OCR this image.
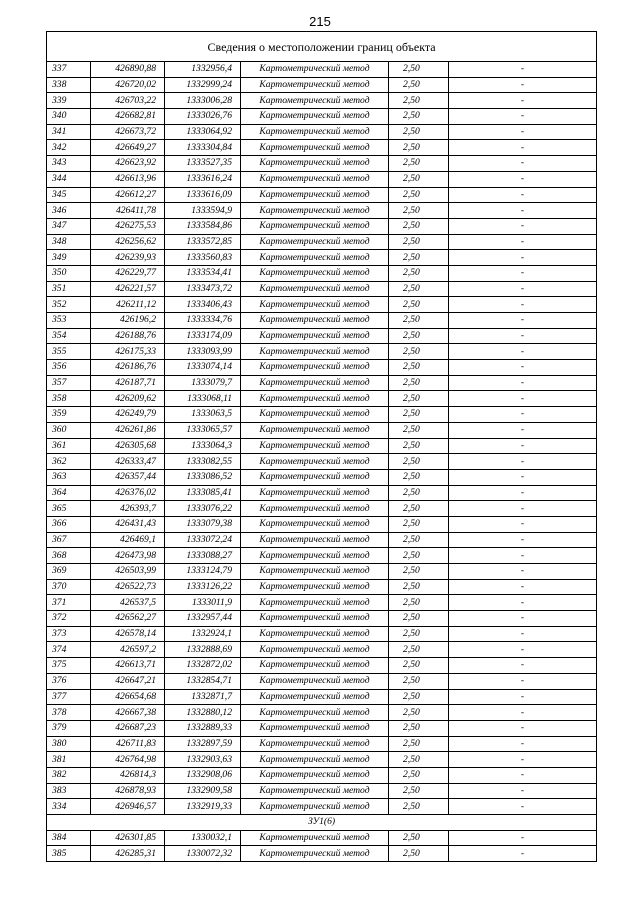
215
Сведения о местоположении границ объекта					
337	426890,88	1332956,4	Картометрический метод	2,50	-
338	426720,02	1332999,24	Картометрический метод	2,50	-
339	426703,22	1333006,28	Картометрический метод	2,50	-
340	426682,81	1333026,76	Картометрический метод	2,50	-
341	426673,72	1333064,92	Картометрический метод	2,50	-
342	426649,27	1333304,84	Картометрический метод	2,50	-
343	426623,92	1333527,35	Картометрический метод	2,50	-
344	426613,96	1333616,24	Картометрический метод	2,50	-
345	426612,27	1333616,09	Картометрический метод	2,50	-
346	426411,78	1333594,9	Картометрический метод	2,50	-
347	426275,53	1333584,86	Картометрический метод	2,50	-
348	426256,62	1333572,85	Картометрический метод	2,50	-
349	426239,93	1333560,83	Картометрический метод	2,50	-
350	426229,77	1333534,41	Картометрический метод	2,50	-
351	426221,57	1333473,72	Картометрический метод	2,50	-
352	426211,12	1333406,43	Картометрический метод	2,50	-
353	426196,2	1333334,76	Картометрический метод	2,50	-
354	426188,76	1333174,09	Картометрический метод	2,50	-
355	426175,33	1333093,99	Картометрический метод	2,50	-
356	426186,76	1333074,14	Картометрический метод	2,50	-
357	426187,71	1333079,7	Картометрический метод	2,50	-
358	426209,62	1333068,11	Картометрический метод	2,50	-
359	426249,79	1333063,5	Картометрический метод	2,50	-
360	426261,86	1333065,57	Картометрический метод	2,50	-
361	426305,68	1333064,3	Картометрический метод	2,50	-
362	426333,47	1333082,55	Картометрический метод	2,50	-
363	426357,44	1333086,52	Картометрический метод	2,50	-
364	426376,02	1333085,41	Картометрический метод	2,50	-
365	426393,7	1333076,22	Картометрический метод	2,50	-
366	426431,43	1333079,38	Картометрический метод	2,50	-
367	426469,1	1333072,24	Картометрический метод	2,50	-
368	426473,98	1333088,27	Картометрический метод	2,50	-
369	426503,99	1333124,79	Картометрический метод	2,50	-
370	426522,73	1333126,22	Картометрический метод	2,50	-
371	426537,5	1333011,9	Картометрический метод	2,50	-
372	426562,27	1332957,44	Картометрический метод	2,50	-
373	426578,14	1332924,1	Картометрический метод	2,50	-
374	426597,2	1332888,69	Картометрический метод	2,50	-
375	426613,71	1332872,02	Картометрический метод	2,50	-
376	426647,21	1332854,71	Картометрический метод	2,50	-
377	426654,68	1332871,7	Картометрический метод	2,50	-
378	426667,38	1332880,12	Картометрический метод	2,50	-
379	426687,23	1332889,33	Картометрический метод	2,50	-
380	426711,83	1332897,59	Картометрический метод	2,50	-
381	426764,98	1332903,63	Картометрический метод	2,50	-
382	426814,3	1332908,06	Картометрический метод	2,50	-
383	426878,93	1332909,58	Картометрический метод	2,50	-
334	426946,57	1332919,33	Картометрический метод	2,50	-
ЗУ1(6)					
384	426301,85	1330032,1	Картометрический метод	2,50	-
385	426285,31	1330072,32	Картометрический метод	2,50	-
